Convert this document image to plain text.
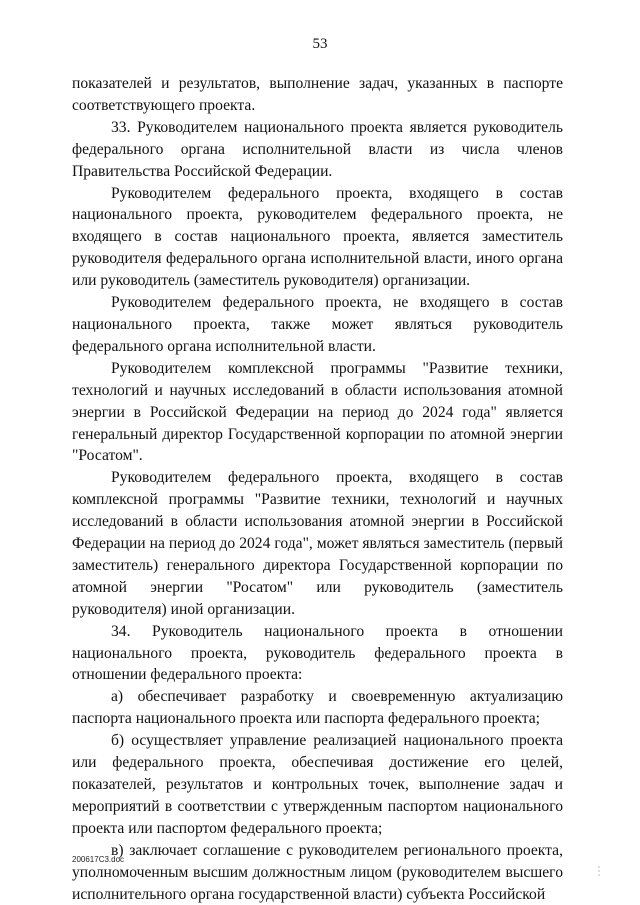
53

показателей и результатов, выполнение задач, указанных в паспорте соответствующего проекта.

33. Руководителем национального проекта является руководитель федерального органа исполнительной власти из числа членов Правительства Российской Федерации.

Руководителем федерального проекта, входящего в состав национального проекта, руководителем федерального проекта, не входящего в состав национального проекта, является заместитель руководителя федерального органа исполнительной власти, иного органа или руководитель (заместитель руководителя) организации.

Руководителем федерального проекта, не входящего в состав национального проекта, также может являться руководитель федерального органа исполнительной власти.

Руководителем комплексной программы "Развитие техники, технологий и научных исследований в области использования атомной энергии в Российской Федерации на период до 2024 года" является генеральный директор Государственной корпорации по атомной энергии "Росатом".

Руководителем федерального проекта, входящего в состав комплексной программы "Развитие техники, технологий и научных исследований в области использования атомной энергии в Российской Федерации на период до 2024 года", может являться заместитель (первый заместитель) генерального директора Государственной корпорации по атомной энергии "Росатом" или руководитель (заместитель руководителя) иной организации.

34. Руководитель национального проекта в отношении национального проекта, руководитель федерального проекта в отношении федерального проекта:

а) обеспечивает разработку и своевременную актуализацию паспорта национального проекта или паспорта федерального проекта;

б) осуществляет управление реализацией национального проекта или федерального проекта, обеспечивая достижение его целей, показателей, результатов и контрольных точек, выполнение задач и мероприятий в соответствии с утвержденным паспортом национального проекта или паспортом федерального проекта;

в) заключает соглашение с руководителем регионального проекта, уполномоченным высшим должностным лицом (руководителем высшего исполнительного органа государственной власти) субъекта Российской

200617C3.doc
